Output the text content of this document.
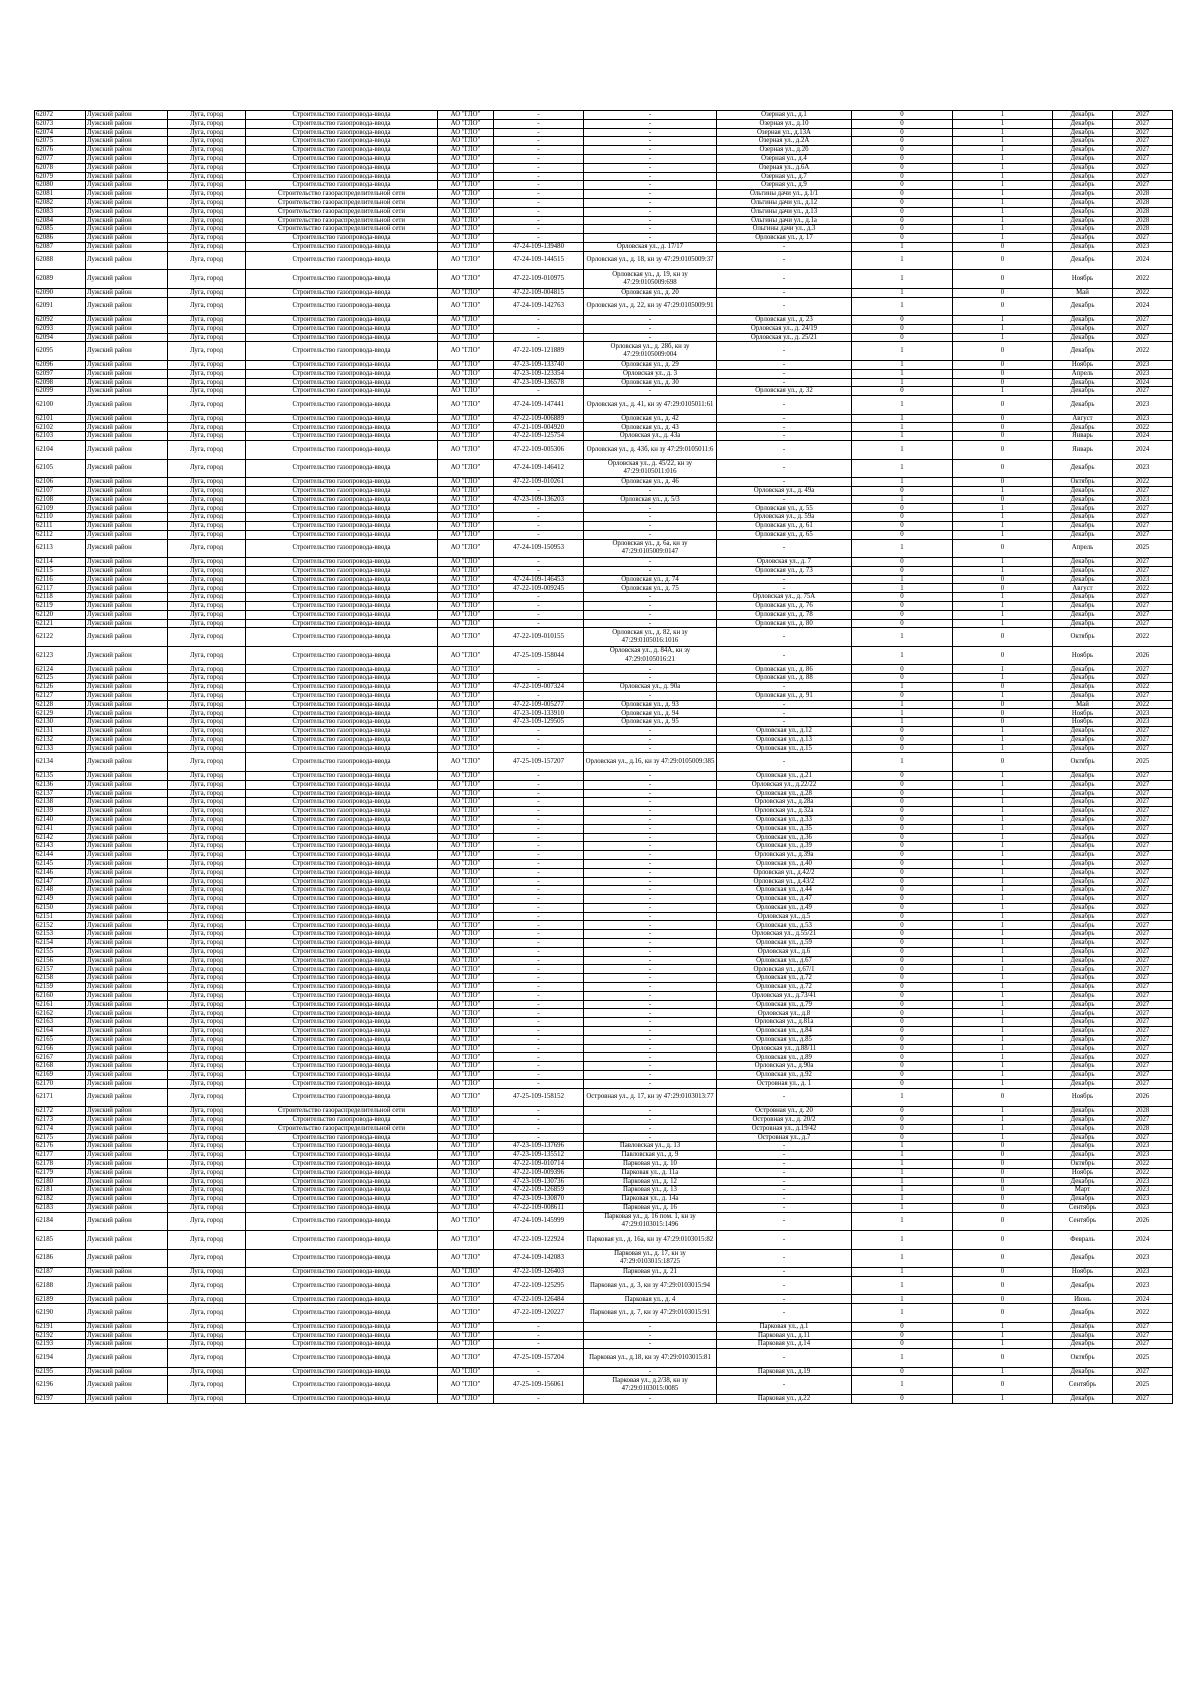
62072	Лужский район	Луга, город	Строительство газопровода-ввода	АО "ГЛО"	-	-	Озерная ул., д.1	0	1	Декабрь	2027
62073	Лужский район	Луга, город	Строительство газопровода-ввода	АО "ГЛО"	-	-	Озерная ул., д.10	0	1	Декабрь	2027
62074	Лужский район	Луга, город	Строительство газопровода-ввода	АО "ГЛО"	-	-	Озерная ул., д.13А	0	1	Декабрь	2027
62075	Лужский район	Луга, город	Строительство газопровода-ввода	АО "ГЛО"	-	-	Озерная ул., д.2А	0	1	Декабрь	2027
62076	Лужский район	Луга, город	Строительство газопровода-ввода	АО "ГЛО"	-	-	Озерная ул., д.2б	0	1	Декабрь	2027
62077	Лужский район	Луга, город	Строительство газопровода-ввода	АО "ГЛО"	-	-	Озерная ул., д.4	0	1	Декабрь	2027
62078	Лужский район	Луга, город	Строительство газопровода-ввода	АО "ГЛО"	-	-	Озерная ул., д.6А	0	1	Декабрь	2027
62079	Лужский район	Луга, город	Строительство газопровода-ввода	АО "ГЛО"	-	-	Озерная ул., д.7	0	1	Декабрь	2027
62080	Лужский район	Луга, город	Строительство газопровода-ввода	АО "ГЛО"	-	-	Озерная ул., д.9	0	1	Декабрь	2027
62081	Лужский район	Луга, город	Строительство газораспределительной сети	АО "ГЛО"	-	-	Ольгины дачи ул., д.1/1	0	1	Декабрь	2028
62082	Лужский район	Луга, город	Строительство газораспределительной сети	АО "ГЛО"	-	-	Ольгины дачи ул., д.12	0	1	Декабрь	2028
62083	Лужский район	Луга, город	Строительство газораспределительной сети	АО "ГЛО"	-	-	Ольгины дачи ул., д.13	0	1	Декабрь	2028
62084	Лужский район	Луга, город	Строительство газораспределительной сети	АО "ГЛО"	-	-	Ольгины дачи ул., д.1а	0	1	Декабрь	2028
62085	Лужский район	Луга, город	Строительство газораспределительной сети	АО "ГЛО"	-	-	Ольгины дачи ул., д.3	0	1	Декабрь	2028
62086	Лужский район	Луга, город	Строительство газопровода-ввода	АО "ГЛО"	-	-	Орловская ул., д. 17	0	1	Декабрь	2027
62087	Лужский район	Луга, город	Строительство газопровода-ввода	АО "ГЛО"	47-24-109-139480	Орловская ул., д. 17/17	-	1	0	Декабрь	2023
62088	Лужский район	Луга, город	Строительство газопровода-ввода	АО "ГЛО"	47-24-109-144515	Орловская ул., д. 18, кн зу 47:29:0105009:37	-	1	0	Декабрь	2024
62089	Лужский район	Луга, город	Строительство газопровода-ввода	АО "ГЛО"	47-22-109-010975	Орловская ул., д. 19, кн зу 47:29:0105009:698	-	1	0	Ноябрь	2022
62090	Лужский район	Луга, город	Строительство газопровода-ввода	АО "ГЛО"	47-22-109-004815	Орловская ул., д. 20	-	1	0	Май	2022
62091	Лужский район	Луга, город	Строительство газопровода-ввода	АО "ГЛО"	47-24-109-142763	Орловская ул., д. 22, кн зу 47:29:0105009:91	-	1	0	Декабрь	2024
62092	Лужский район	Луга, город	Строительство газопровода-ввода	АО "ГЛО"	-	-	Орловская ул., д. 23	0	1	Декабрь	2027
62093	Лужский район	Луга, город	Строительство газопровода-ввода	АО "ГЛО"	-	-	Орловская ул., д. 24/19	0	1	Декабрь	2027
62094	Лужский район	Луга, город	Строительство газопровода-ввода	АО "ГЛО"	-	-	Орловская ул., д. 25/21	0	1	Декабрь	2027
62095	Лужский район	Луга, город	Строительство газопровода-ввода	АО "ГЛО"	47-22-109-121889	Орловская ул., д. 28б, кн зу 47:29:0105009:004	-	1	0	Декабрь	2022
62096	Лужский район	Луга, город	Строительство газопровода-ввода	АО "ГЛО"	47-23-109-133740	Орловская ул., д. 29	-	1	0	Ноябрь	2023
62097	Лужский район	Луга, город	Строительство газопровода-ввода	АО "ГЛО"	47-23-109-123354	Орловская ул., д. 3	-	1	0	Апрель	2023
62098	Лужский район	Луга, город	Строительство газопровода-ввода	АО "ГЛО"	47-23-109-136578	Орловская ул., д. 30	-	1	0	Декабрь	2024
62099	Лужский район	Луга, город	Строительство газопровода-ввода	АО "ГЛО"	-	-	Орловская ул., д. 32	0	1	Декабрь	2027
62100	Лужский район	Луга, город	Строительство газопровода-ввода	АО "ГЛО"	47-24-109-147441	Орловская ул., д. 41, кн зу 47:29:0105011:61	-	1	0	Декабрь	2023
62101	Лужский район	Луга, город	Строительство газопровода-ввода	АО "ГЛО"	47-22-109-006889	Орловская ул., д. 42	-	1	0	Август	2023
62102	Лужский район	Луга, город	Строительство газопровода-ввода	АО "ГЛО"	47-21-109-004920	Орловская ул., д. 43	-	1	0	Декабрь	2022
62103	Лужский район	Луга, город	Строительство газопровода-ввода	АО "ГЛО"	47-22-109-125754	Орловская ул., д. 43а	-	1	0	Январь	2024
62104	Лужский район	Луга, город	Строительство газопровода-ввода	АО "ГЛО"	47-22-109-005306	Орловская ул., д. 43б, кн зу 47:29:0105011:6	-	1	0	Январь	2024
62105	Лужский район	Луга, город	Строительство газопровода-ввода	АО "ГЛО"	47-24-109-146412	Орловская ул., д. 45/22, кн зу 47:29:0105011:016	-	1	0	Декабрь	2023
62106	Лужский район	Луга, город	Строительство газопровода-ввода	АО "ГЛО"	47-22-109-010261	Орловская ул., д. 46	-	1	0	Октябрь	2022
62107	Лужский район	Луга, город	Строительство газопровода-ввода	АО "ГЛО"	-	-	Орловская ул., д. 49а	0	1	Декабрь	2027
62108	Лужский район	Луга, город	Строительство газопровода-ввода	АО "ГЛО"	47-23-109-136203	Орловская ул., д. 5/3	-	1	0	Декабрь	2023
62109	Лужский район	Луга, город	Строительство газопровода-ввода	АО "ГЛО"	-	-	Орловская ул., д. 55	0	1	Декабрь	2027
62110	Лужский район	Луга, город	Строительство газопровода-ввода	АО "ГЛО"	-	-	Орловская ул., д. 59а	0	1	Декабрь	2027
62111	Лужский район	Луга, город	Строительство газопровода-ввода	АО "ГЛО"	-	-	Орловская ул., д. 61	0	1	Декабрь	2027
62112	Лужский район	Луга, город	Строительство газопровода-ввода	АО "ГЛО"	-	-	Орловская ул., д. 65	0	1	Декабрь	2027
62113	Лужский район	Луга, город	Строительство газопровода-ввода	АО "ГЛО"	47-24-109-150953	Орловская ул., д. 6а, кн зу 47:29:0105009:0147	-	1	0	Апрель	2025
62114	Лужский район	Луга, город	Строительство газопровода-ввода	АО "ГЛО"	-	-	Орловская ул., д. 7	0	1	Декабрь	2027
62115	Лужский район	Луга, город	Строительство газопровода-ввода	АО "ГЛО"	-	-	Орловская ул., д. 73	0	1	Декабрь	2027
62116	Лужский район	Луга, город	Строительство газопровода-ввода	АО "ГЛО"	47-24-109-146453	Орловская ул., д. 74	-	1	0	Декабрь	2023
62117	Лужский район	Луга, город	Строительство газопровода-ввода	АО "ГЛО"	47-22-109-009245	Орловская ул., д. 75	-	1	0	Август	2022
62118	Лужский район	Луга, город	Строительство газопровода-ввода	АО "ГЛО"	-	-	Орловская ул., д. 75А	0	1	Декабрь	2027
62119	Лужский район	Луга, город	Строительство газопровода-ввода	АО "ГЛО"	-	-	Орловская ул., д. 76	0	1	Декабрь	2027
62120	Лужский район	Луга, город	Строительство газопровода-ввода	АО "ГЛО"	-	-	Орловская ул., д. 78	0	1	Декабрь	2027
62121	Лужский район	Луга, город	Строительство газопровода-ввода	АО "ГЛО"	-	-	Орловская ул., д. 80	0	1	Декабрь	2027
62122	Лужский район	Луга, город	Строительство газопровода-ввода	АО "ГЛО"	47-22-109-010155	Орловская ул., д. 82, кн зу 47:29:0105016:1016	-	1	0	Октябрь	2022
62123	Лужский район	Луга, город	Строительство газопровода-ввода	АО "ГЛО"	47-25-109-158044	Орловская ул., д. 84А, кн зу 47:29:0105016:21	-	1	0	Ноябрь	2026
62124	Лужский район	Луга, город	Строительство газопровода-ввода	АО "ГЛО"	-	-	Орловская ул., д. 86	0	1	Декабрь	2027
62125	Лужский район	Луга, город	Строительство газопровода-ввода	АО "ГЛО"	-	-	Орловская ул., д. 88	0	1	Декабрь	2027
62126	Лужский район	Луга, город	Строительство газопровода-ввода	АО "ГЛО"	47-22-109-007324	Орловская ул., д. 90а	-	1	0	Декабрь	2022
62127	Лужский район	Луга, город	Строительство газопровода-ввода	АО "ГЛО"	-	-	Орловская ул., д. 91	0	1	Декабрь	2027
62128	Лужский район	Луга, город	Строительство газопровода-ввода	АО "ГЛО"	47-22-109-005277	Орловская ул., д. 93	-	1	0	Май	2022
62129	Лужский район	Луга, город	Строительство газопровода-ввода	АО "ГЛО"	47-23-109-133910	Орловская ул., д. 94	-	1	0	Ноябрь	2023
62130	Лужский район	Луга, город	Строительство газопровода-ввода	АО "ГЛО"	47-23-109-129505	Орловская ул., д. 95	-	1	0	Ноябрь	2023
62131	Лужский район	Луга, город	Строительство газопровода-ввода	АО "ГЛО"	-	-	Орловская ул., д.12	0	1	Декабрь	2027
62132	Лужский район	Луга, город	Строительство газопровода-ввода	АО "ГЛО"	-	-	Орловская ул., д.13	0	1	Декабрь	2027
62133	Лужский район	Луга, город	Строительство газопровода-ввода	АО "ГЛО"	-	-	Орловская ул., д.15	0	1	Декабрь	2027
62134	Лужский район	Луга, город	Строительство газопровода-ввода	АО "ГЛО"	47-25-109-157207	Орловская ул., д.16, кн зу 47:29:0105009:385	-	1	0	Октябрь	2025
62135	Лужский район	Луга, город	Строительство газопровода-ввода	АО "ГЛО"	-	-	Орловская ул., д.21	0	1	Декабрь	2027
62136	Лужский район	Луга, город	Строительство газопровода-ввода	АО "ГЛО"	-	-	Орловская ул., д.22/22	0	1	Декабрь	2027
62137	Лужский район	Луга, город	Строительство газопровода-ввода	АО "ГЛО"	-	-	Орловская ул., д.28	0	1	Декабрь	2027
62138	Лужский район	Луга, город	Строительство газопровода-ввода	АО "ГЛО"	-	-	Орловская ул., д.28а	0	1	Декабрь	2027
62139	Лужский район	Луга, город	Строительство газопровода-ввода	АО "ГЛО"	-	-	Орловская ул., д.32а	0	1	Декабрь	2027
62140	Лужский район	Луга, город	Строительство газопровода-ввода	АО "ГЛО"	-	-	Орловская ул., д.33	0	1	Декабрь	2027
62141	Лужский район	Луга, город	Строительство газопровода-ввода	АО "ГЛО"	-	-	Орловская ул., д.35	0	1	Декабрь	2027
62142	Лужский район	Луга, город	Строительство газопровода-ввода	АО "ГЛО"	-	-	Орловская ул., д.36	0	1	Декабрь	2027
62143	Лужский район	Луга, город	Строительство газопровода-ввода	АО "ГЛО"	-	-	Орловская ул., д.39	0	1	Декабрь	2027
62144	Лужский район	Луга, город	Строительство газопровода-ввода	АО "ГЛО"	-	-	Орловская ул., д.39а	0	1	Декабрь	2027
62145	Лужский район	Луга, город	Строительство газопровода-ввода	АО "ГЛО"	-	-	Орловская ул., д.40	0	1	Декабрь	2027
62146	Лужский район	Луга, город	Строительство газопровода-ввода	АО "ГЛО"	-	-	Орловская ул., д.42/2	0	1	Декабрь	2027
62147	Лужский район	Луга, город	Строительство газопровода-ввода	АО "ГЛО"	-	-	Орловская ул., д.43/2	0	1	Декабрь	2027
62148	Лужский район	Луга, город	Строительство газопровода-ввода	АО "ГЛО"	-	-	Орловская ул., д.44	0	1	Декабрь	2027
62149	Лужский район	Луга, город	Строительство газопровода-ввода	АО "ГЛО"	-	-	Орловская ул., д.47	0	1	Декабрь	2027
62150	Лужский район	Луга, город	Строительство газопровода-ввода	АО "ГЛО"	-	-	Орловская ул., д.49	0	1	Декабрь	2027
62151	Лужский район	Луга, город	Строительство газопровода-ввода	АО "ГЛО"	-	-	Орловская ул., д.5	0	1	Декабрь	2027
62152	Лужский район	Луга, город	Строительство газопровода-ввода	АО "ГЛО"	-	-	Орловская ул., д.53	0	1	Декабрь	2027
62153	Лужский район	Луга, город	Строительство газопровода-ввода	АО "ГЛО"	-	-	Орловская ул., д.55/21	0	1	Декабрь	2027
62154	Лужский район	Луга, город	Строительство газопровода-ввода	АО "ГЛО"	-	-	Орловская ул., д.59	0	1	Декабрь	2027
62155	Лужский район	Луга, город	Строительство газопровода-ввода	АО "ГЛО"	-	-	Орловская ул., д.6	0	1	Декабрь	2027
62156	Лужский район	Луга, город	Строительство газопровода-ввода	АО "ГЛО"	-	-	Орловская ул., д.67	0	1	Декабрь	2027
62157	Лужский район	Луга, город	Строительство газопровода-ввода	АО "ГЛО"	-	-	Орловская ул., д.67/1	0	1	Декабрь	2027
62158	Лужский район	Луга, город	Строительство газопровода-ввода	АО "ГЛО"	-	-	Орловская ул., д.72	0	1	Декабрь	2027
62159	Лужский район	Луга, город	Строительство газопровода-ввода	АО "ГЛО"	-	-	Орловская ул., д.72	0	1	Декабрь	2027
62160	Лужский район	Луга, город	Строительство газопровода-ввода	АО "ГЛО"	-	-	Орловская ул., д.73/41	0	1	Декабрь	2027
62161	Лужский район	Луга, город	Строительство газопровода-ввода	АО "ГЛО"	-	-	Орловская ул., д.79	0	1	Декабрь	2027
62162	Лужский район	Луга, город	Строительство газопровода-ввода	АО "ГЛО"	-	-	Орловская ул., д.8	0	1	Декабрь	2027
62163	Лужский район	Луга, город	Строительство газопровода-ввода	АО "ГЛО"	-	-	Орловская ул., д.81а	0	1	Декабрь	2027
62164	Лужский район	Луга, город	Строительство газопровода-ввода	АО "ГЛО"	-	-	Орловская ул., д.84	0	1	Декабрь	2027
62165	Лужский район	Луга, город	Строительство газопровода-ввода	АО "ГЛО"	-	-	Орловская ул., д.85	0	1	Декабрь	2027
62166	Лужский район	Луга, город	Строительство газопровода-ввода	АО "ГЛО"	-	-	Орловская ул., д.88/11	0	1	Декабрь	2027
62167	Лужский район	Луга, город	Строительство газопровода-ввода	АО "ГЛО"	-	-	Орловская ул., д.89	0	1	Декабрь	2027
62168	Лужский район	Луга, город	Строительство газопровода-ввода	АО "ГЛО"	-	-	Орловская ул., д.90а	0	1	Декабрь	2027
62169	Лужский район	Луга, город	Строительство газопровода-ввода	АО "ГЛО"	-	-	Орловская ул., д.92	0	1	Декабрь	2027
62170	Лужский район	Луга, город	Строительство газопровода-ввода	АО "ГЛО"	-	-	Островная ул., д. 1	0	1	Декабрь	2027
62171	Лужский район	Луга, город	Строительство газопровода-ввода	АО "ГЛО"	47-25-109-158152	Островная ул., д. 17, кн зу 47:29:0103013:77	-	1	0	Ноябрь	2026
62172	Лужский район	Луга, город	Строительство газораспределительной сети	АО "ГЛО"	-	-	Островная ул., д. 20	0	1	Декабрь	2028
62173	Лужский район	Луга, город	Строительство газопровода-ввода	АО "ГЛО"	-	-	Островная ул., д. 20/2	0	1	Декабрь	2027
62174	Лужский район	Луга, город	Строительство газораспределительной сети	АО "ГЛО"	-	-	Островная ул., д.19/42	0	1	Декабрь	2028
62175	Лужский район	Луга, город	Строительство газопровода-ввода	АО "ГЛО"	-	-	Островная ул., д.7	0	1	Декабрь	2027
62176	Лужский район	Луга, город	Строительство газопровода-ввода	АО "ГЛО"	47-23-109-137696	Павловская ул., д. 13	-	1	0	Декабрь	2023
62177	Лужский район	Луга, город	Строительство газопровода-ввода	АО "ГЛО"	47-23-109-135512	Павловская ул., д. 9	-	1	0	Декабрь	2023
62178	Лужский район	Луга, город	Строительство газопровода-ввода	АО "ГЛО"	47-22-109-010714	Парковая ул., д. 10	-	1	0	Октябрь	2022
62179	Лужский район	Луга, город	Строительство газопровода-ввода	АО "ГЛО"	47-22-109-009396	Парковая ул., д. 11а	-	1	0	Ноябрь	2022
62180	Лужский район	Луга, город	Строительство газопровода-ввода	АО "ГЛО"	47-23-109-130736	Парковая ул., д. 12	-	1	0	Декабрь	2023
62181	Лужский район	Луга, город	Строительство газопровода-ввода	АО "ГЛО"	47-22-109-126859	Парковая ул., д. 13	-	1	0	Март	2023
62182	Лужский район	Луга, город	Строительство газопровода-ввода	АО "ГЛО"	47-23-109-130870	Парковая ул., д. 14а	-	1	0	Декабрь	2023
62183	Лужский район	Луга, город	Строительство газопровода-ввода	АО "ГЛО"	47-22-109-008611	Парковая ул., д. 16	-	1	0	Сентябрь	2023
62184	Лужский район	Луга, город	Строительство газопровода-ввода	АО "ГЛО"	47-24-109-145999	Парковая ул., д. 16 пом. 1, кн зу 47:29:0103015:1496	-	1	0	Сентябрь	2026
62185	Лужский район	Луга, город	Строительство газопровода-ввода	АО "ГЛО"	47-22-109-122924	Парковая ул., д. 16а, кн зу 47:29:0103015:82	-	1	0	Февраль	2024
62186	Лужский район	Луга, город	Строительство газопровода-ввода	АО "ГЛО"	47-24-109-142083	Парковая ул., д. 17, кн зу 47:29:0103015:18725	-	1	0	Декабрь	2023
62187	Лужский район	Луга, город	Строительство газопровода-ввода	АО "ГЛО"	47-22-109-126403	Парковая ул., д. 21	-	1	0	Ноябрь	2023
62188	Лужский район	Луга, город	Строительство газопровода-ввода	АО "ГЛО"	47-22-109-125295	Парковая ул., д. 3, кн зу 47:29:0103015:94	-	1	0	Декабрь	2023
62189	Лужский район	Луга, город	Строительство газопровода-ввода	АО "ГЛО"	47-22-109-126484	Парковая ул., д. 4	-	1	0	Июнь	2024
62190	Лужский район	Луга, город	Строительство газопровода-ввода	АО "ГЛО"	47-22-109-120227	Парковая ул., д. 7, кн зу 47:29:0103015:91	-	1	0	Декабрь	2022
62191	Лужский район	Луга, город	Строительство газопровода-ввода	АО "ГЛО"	-	-	Парковая ул., д.1	0	1	Декабрь	2027
62192	Лужский район	Луга, город	Строительство газопровода-ввода	АО "ГЛО"	-	-	Парковая ул., д.11	0	1	Декабрь	2027
62193	Лужский район	Луга, город	Строительство газопровода-ввода	АО "ГЛО"	-	-	Парковая ул., д.14	0	1	Декабрь	2027
62194	Лужский район	Луга, город	Строительство газопровода-ввода	АО "ГЛО"	47-25-109-157204	Парковая ул., д.18, кн зу 47:29:0103015:81	-	1	0	Октябрь	2025
62195	Лужский район	Луга, город	Строительство газопровода-ввода	АО "ГЛО"	-	-	Парковая ул., д.19	0	1	Декабрь	2027
62196	Лужский район	Луга, город	Строительство газопровода-ввода	АО "ГЛО"	47-25-109-156061	Парковая ул., д.2/38, кн зу 47:29:0103015:0085	-	1	0	Сентябрь	2025
62197	Лужский район	Луга, город	Строительство газопровода-ввода	АО "ГЛО"	-	-	Парковая ул., д.22	0	1	Декабрь	2027
